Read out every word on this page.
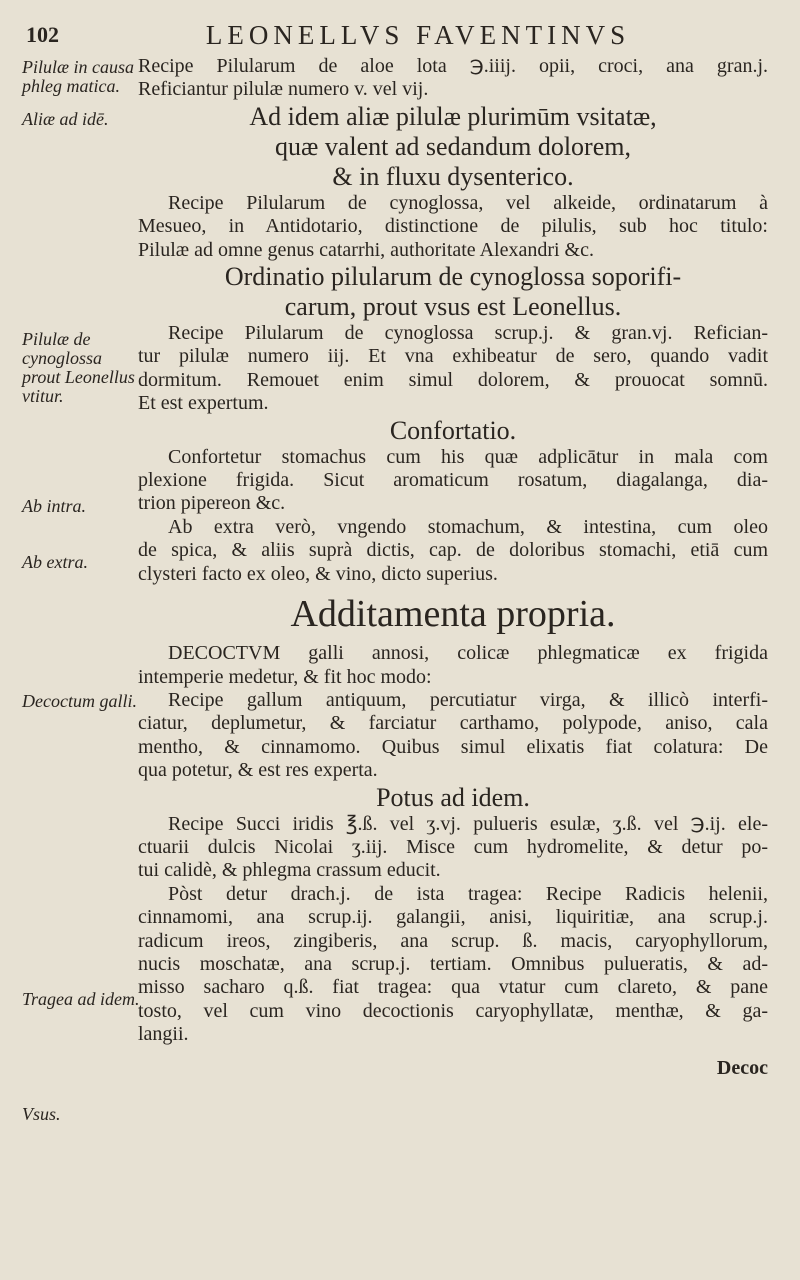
102	LEONELLVS FAVENTINVS
Pilulæ in causa phleg matica.
Aliæ ad idē.
Pilulæ de cynoglossa prout Leonellus vtitur.
Ab intra.
Ab extra.
Decoctum galli.
Tragea ad idem.
Vsus.
Recipe Pilularum de aloe lota ℈.iiij. opii, croci, ana gran.j.
Reficiantur pilulæ numero v. vel vij.
Ad idem aliæ pilulæ plurimūm vsitatæ,
quæ valent ad sedandum dolorem,
& in fluxu dysenterico.
Recipe Pilularum de cynoglossa, vel alkeide, ordinatarum à
Mesueo, in Antidotario, distinctione de pilulis, sub hoc titulo:
Pilulæ ad omne genus catarrhi, authoritate Alexandri &c.
Ordinatio pilularum de cynoglossa soporifi-
carum, prout vsus est Leonellus.
Recipe Pilularum de cynoglossa scrup.j. & gran.vj. Refician-
tur pilulæ numero iij. Et vna exhibeatur de sero, quando vadit
dormitum. Remouet enim simul dolorem, & prouocat somnū.
Et est expertum.
Confortatio.
Confortetur stomachus cum his quæ adplicātur in mala com
plexione frigida. Sicut aromaticum rosatum, diagalanga, dia-
trion pipereon &c.
Ab extra verò, vngendo stomachum, & intestina, cum oleo
de spica, & aliis suprà dictis, cap. de doloribus stomachi, etiā cum
clysteri facto ex oleo, & vino, dicto superius.
Additamenta propria.
DECOCTVM galli annosi, colicæ phlegmaticæ ex frigida
intemperie medetur, & fit hoc modo:
Recipe gallum antiquum, percutiatur virga, & illicò interfi-
ciatur, deplumetur, & farciatur carthamo, polypode, aniso, cala
mentho, & cinnamomo. Quibus simul elixatis fiat colatura: De
qua potetur, & est res experta.
Potus ad idem.
Recipe Succi iridis ℥.ß. vel ʒ.vj. pulueris esulæ, ʒ.ß. vel ℈.ij. ele-
ctuarii dulcis Nicolai ʒ.iij. Misce cum hydromelite, & detur po-
tui calidè, & phlegma crassum educit.
Pòst detur drach.j. de ista tragea: Recipe Radicis helenii,
cinnamomi, ana scrup.ij. galangii, anisi, liquiritiæ, ana scrup.j.
radicum ireos, zingiberis, ana scrup. ß. macis, caryophyllorum,
nucis moschatæ, ana scrup.j. tertiam. Omnibus pulueratis, & ad-
misso sacharo q.ß. fiat tragea: qua vtatur cum clareto, & pane
tosto, vel cum vino decoctionis caryophyllatæ, menthæ, & ga-
langii.
Decoc
